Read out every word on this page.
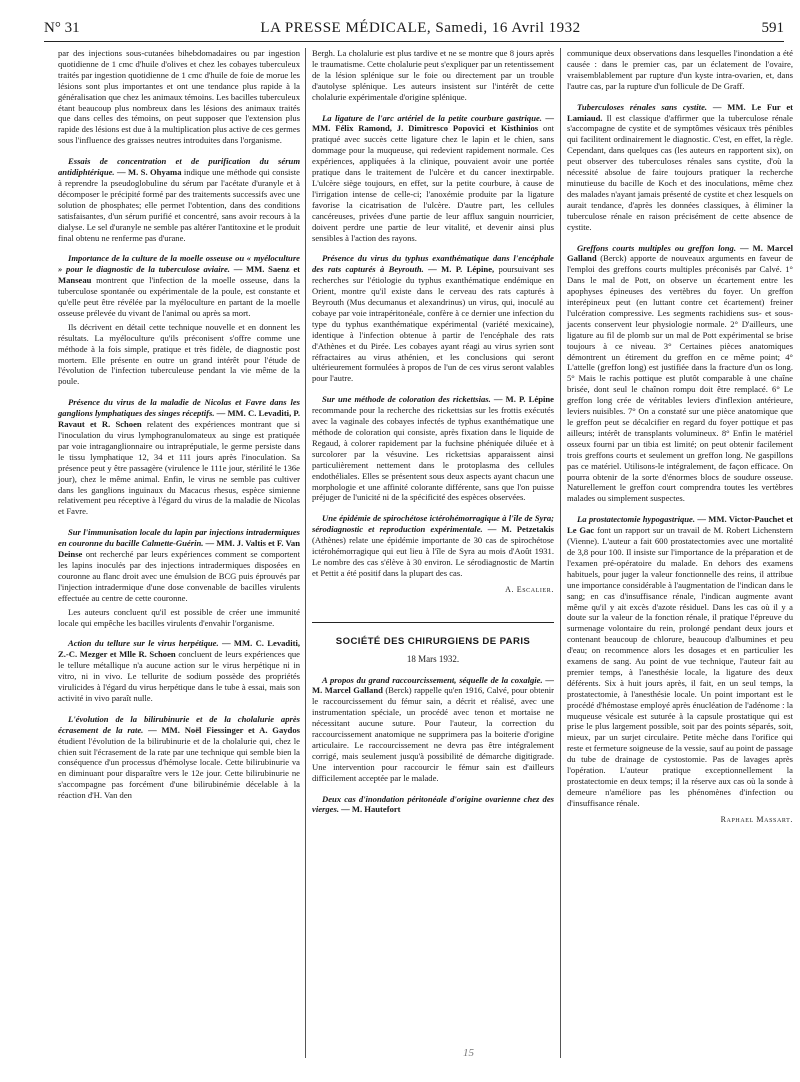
N° 31	LA PRESSE MÉDICALE, Samedi, 16 Avril 1932	591

par des injections sous-cutanées bihebdomadaires ou par ingestion quotidienne de 1 cmc d'huile d'olives et chez les cobayes tuberculeux traités par ingestion quotidienne de 1 cmc d'huile de foie de morue les lésions sont plus importantes et ont une tendance plus rapide à la généralisation que chez les animaux témoins. Les bacilles tuberculeux étant beaucoup plus nombreux dans les lésions des animaux traités que dans celles des témoins, on peut supposer que l'extension plus rapide des lésions est due à la multiplication plus active de ces germes sous l'influence des graisses neutres introduites dans l'organisme.

Essais de concentration et de purification du sérum antidiphtérique. — M. S. Ohyama indique une méthode qui consiste à reprendre la pseudoglobuline du sérum par l'acétate d'uranyle et à décomposer le précipité formé par des traitements successifs avec une solution de phosphates; elle permet l'obtention, dans des conditions satisfaisantes, d'un sérum purifié et concentré, sans avoir recours à la dialyse. Le sel d'uranyle ne semble pas altérer l'antitoxine et le produit final obtenu ne renferme pas d'urane.

Importance de la culture de la moelle osseuse ou « myéloculture » pour le diagnostic de la tuberculose aviaire. — MM. Saenz et Manseau montrent que l'infection de la moelle osseuse, dans la tuberculose spontanée ou expérimentale de la poule, est constante et qu'elle peut être révélée par la myéloculture en partant de la moelle osseuse prélevée du vivant de l'animal ou après sa mort.

Ils décrivent en détail cette technique nouvelle et en donnent les résultats. La myéloculture qu'ils préconisent s'offre comme une méthode à la fois simple, pratique et très fidèle, de diagnostic post mortem. Elle présente en outre un grand intérêt pour l'étude de l'évolution de l'infection tuberculeuse pendant la vie même de la poule.

Présence du virus de la maladie de Nicolas et Favre dans les ganglions lymphatiques des singes réceptifs. — MM. C. Levaditi, P. Ravaut et R. Schoen relatent des expériences montrant que si l'inoculation du virus lymphogranulomateux au singe est pratiquée par voie intraganglionnaire ou intrapréputiale, le germe persiste dans le tissu lymphatique 12, 34 et 111 jours après l'inoculation. Sa présence peut y être passagère (virulence le 111e jour, stérilité le 136e jour), chez le même animal. Enfin, le virus ne semble pas cultiver dans les ganglions inguinaux du Macacus rhesus, espèce simienne relativement peu réceptive à l'égard du virus de la maladie de Nicolas et Favre.

Sur l'immunisation locale du lapin par injections intradermiques en couronne du bacille Calmette-Guérin. — MM. J. Valtis et F. Van Deinse ont recherché par leurs expériences comment se comportent les lapins inoculés par des injections intradermiques disposées en couronne au flanc droit avec une émulsion de BCG puis éprouvés par l'injection intradermique d'une dose convenable de bacilles virulents effectuée au centre de cette couronne.

Les auteurs concluent qu'il est possible de créer une immunité locale qui empêche les bacilles virulents d'envahir l'organisme.

Action du tellure sur le virus herpétique. — MM. C. Levaditi, Z.-C. Mezger et Mlle R. Schoen concluent de leurs expériences que le tellure métallique n'a aucune action sur le virus herpétique ni in vitro, ni in vivo. Le tellurite de sodium possède des propriétés virulicides à l'égard du virus herpétique dans le tube à essai, mais son activité in vivo paraît nulle.

L'évolution de la bilirubinurie et de la cholalurie après écrasement de la rate. — MM. Noël Fiessinger et A. Gaydos étudient l'évolution de la bilirubinurie et de la cholalurie qui, chez le chien suit l'écrasement de la rate par une technique qui semble bien la conséquence d'un processus d'hémolyse locale. Cette bilirubinurie va en diminuant pour disparaître vers le 12e jour. Cette bilirubinurie ne s'accompagne pas forcément d'une bilirubinémie décelable à la réaction d'H. Van den

Bergh. La cholalurie est plus tardive et ne se montre que 8 jours après le traumatisme. Cette cholalurie peut s'expliquer par un retentissement de la lésion splénique sur le foie ou directement par un trouble d'autolyse splénique. Les auteurs insistent sur l'intérêt de cette cholalurie expérimentale d'origine splénique.

La ligature de l'arc artériel de la petite courbure gastrique. — MM. Félix Ramond, J. Dimitresco Popovici et Kisthinios ont pratiqué avec succès cette ligature chez le lapin et le chien, sans dommage pour la muqueuse, qui redevient rapidement normale. Ces expériences, appliquées à la clinique, pouvaient avoir une portée pratique dans le traitement de l'ulcère et du cancer inextirpable. L'ulcère siège toujours, en effet, sur la petite courbure, à cause de l'irrigation intense de celle-ci; l'anoxémie produite par la ligature favorise la cicatrisation de l'ulcère. D'autre part, les cellules cancéreuses, privées d'une partie de leur afflux sanguin nourricier, doivent perdre une partie de leur vitalité, et devenir ainsi plus sensibles à l'action des rayons.

Présence du virus du typhus exanthématique dans l'encéphale des rats capturés à Beyrouth. — M. P. Lépine, poursuivant ses recherches sur l'étiologie du typhus exanthématique endémique en Orient, montre qu'il existe dans le cerveau des rats capturés à Beyrouth (Mus decumanus et alexandrinus) un virus, qui, inoculé au cobaye par voie intrapéritonéale, confère à ce dernier une infection du type du typhus exanthématique expérimental (variété mexicaine), identique à l'infection obtenue à partir de l'encéphale des rats d'Athènes et du Pirée. Les cobayes ayant réagi au virus syrien sont réfractaires au virus athénien, et les conclusions qui seront ultérieurement formulées à propos de l'un de ces virus seront valables pour l'autre.

Sur une méthode de coloration des rickettsias. — M. P. Lépine recommande pour la recherche des rickettsias sur les frottis exécutés avec la vaginale des cobayes infectés de typhus exanthématique une méthode de coloration qui consiste, après fixation dans le liquide de Regaud, à colorer rapidement par la fuchsine phéniquée diluée et à surcolorer par la vésuvine. Les rickettsias apparaissent ainsi particulièrement nettement dans le protoplasma des cellules endothéliales. Elles se présentent sous deux aspects ayant chacun une morphologie et une affinité colorante différente, sans que l'on puisse préjuger de l'unicité ni de la spécificité des espèces observées.

Une épidémie de spirochétose ictérohémorragique à l'île de Syra; sérodiagnostic et reproduction expérimentale. — M. Petzetakis (Athènes) relate une épidémie importante de 30 cas de spirochétose ictérohémorragique qui eut lieu à l'île de Syra au mois d'Août 1931. Le nombre des cas s'élève à 30 environ. Le sérodiagnostic de Martin et Pettit a été positif dans la plupart des cas.

A. Escalier.
SOCIÉTÉ DES CHIRURGIENS DE PARIS
18 Mars 1932.

A propos du grand raccourcissement, séquelle de la coxalgie. — M. Marcel Galland (Berck) rappelle qu'en 1916, Calvé, pour obtenir le raccourcissement du fémur sain, a décrit et réalisé, avec une instrumentation spéciale, un procédé avec tenon et mortaise ne nécessitant aucune suture. Pour l'auteur, la correction du raccourcissement anatomique ne supprimera pas la boiterie d'origine articulaire. Le raccourcissement ne devra pas être intégralement corrigé, mais seulement jusqu'à possibilité de démarche digitigrade. Une intervention pour raccourcir le fémur sain est d'ailleurs difficilement acceptée par le malade.

Deux cas d'inondation péritonéale d'origine ovarienne chez des vierges. — M. Hautefort

communique deux observations dans lesquelles l'inondation a été causée : dans le premier cas, par un éclatement de l'ovaire, vraisemblablement par rupture d'un kyste intra-ovarien, et, dans l'autre cas, par la rupture d'un follicule de De Graff.

Tuberculoses rénales sans cystite. — MM. Le Fur et Lamiaud. Il est classique d'affirmer que la tuberculose rénale s'accompagne de cystite et de symptômes vésicaux très pénibles qui facilitent ordinairement le diagnostic. C'est, en effet, la règle. Cependant, dans quelques cas (les auteurs en rapportent six), on peut observer des tuberculoses rénales sans cystite, d'où la nécessité absolue de faire toujours pratiquer la recherche minutieuse du bacille de Koch et des inoculations, même chez des malades n'ayant jamais présenté de cystite et chez lesquels on aurait tendance, d'après les données classiques, à éliminer la tuberculose rénale en raison précisément de cette absence de cystite.

Greffons courts multiples ou greffon long. — M. Marcel Galland (Berck) apporte de nouveaux arguments en faveur de l'emploi des greffons courts multiples préconisés par Calvé. 1° Dans le mal de Pott, on observe un écartement entre les apophyses épineuses des vertèbres du foyer. Un greffon interépineux peut (en luttant contre cet écartement) freiner l'ulcération compressive. Les segments rachidiens sus- et sous-jacents conservent leur physiologie normale. 2° D'ailleurs, une ligature au fil de plomb sur un mal de Pott expérimental se brise toujours à ce niveau. 3° Certaines pièces anatomiques démontrent un étirement du greffon en ce même point; 4° L'attelle (greffon long) est justifiée dans la fracture d'un os long. 5° Mais le rachis pottique est plutôt comparable à une chaîne brisée, dont seul le chaînon rompu doit être remplacé. 6° Le greffon long crée de véritables leviers d'inflexion antérieure, leviers nuisibles. 7° On a constaté sur une pièce anatomique que le greffon peut se décalcifier en regard du foyer pottique et pas ailleurs; intérêt de transplants volumineux. 8° Enfin le matériel osseux fourni par un tibia est limité; on peut obtenir facilement trois greffons courts et seulement un greffon long. Ne gaspillons pas ce matériel. Utilisons-le intégralement, de façon efficace. On pourra obtenir de la sorte d'énormes blocs de soudure osseuse. Naturellement le greffon court comprendra toutes les vertèbres malades ou simplement suspectes.

La prostatectomie hypogastrique. — MM. Victor-Pauchet et Le Gac font un rapport sur un travail de M. Robert Lichenstern (Vienne). L'auteur a fait 600 prostatectomies avec une mortalité de 3,8 pour 100. Il insiste sur l'importance de la préparation et de l'examen pré-opératoire du malade. En dehors des examens habituels, pour juger la valeur fonctionnelle des reins, il attribue une importance considérable à l'augmentation de l'indican dans le sang; en cas d'insuffisance rénale, l'indican augmente avant même qu'il y ait excès d'azote résiduel. Dans les cas où il y a doute sur la valeur de la fonction rénale, il pratique l'épreuve du surmenage volontaire du rein, prolongé pendant deux jours et contenant beaucoup de chlorure, beaucoup d'albumines et peu d'eau; on recommence alors les dosages et en particulier les examens de sang. Au point de vue technique, l'auteur fait au premier temps, à l'anesthésie locale, la ligature des deux déférents. Six à huit jours après, il fait, en un seul temps, la prostatectomie, à l'anesthésie locale. Un point important est le procédé d'hémostase employé après énucléation de l'adénome : la muqueuse vésicale est suturée à la capsule prostatique qui est prise le plus largement possible, soit par des points séparés, soit, mieux, par un surjet circulaire. Petite mèche dans l'orifice qui reste et fermeture soigneuse de la vessie, sauf au point de passage du tube de drainage de cystostomie. Pas de lavages après l'opération. L'auteur pratique exceptionnellement la prostatectomie en deux temps; il la réserve aux cas où la sonde à demeure n'améliore pas les phénomènes d'infection ou d'insuffisance rénale.

Raphael Massart.
15
